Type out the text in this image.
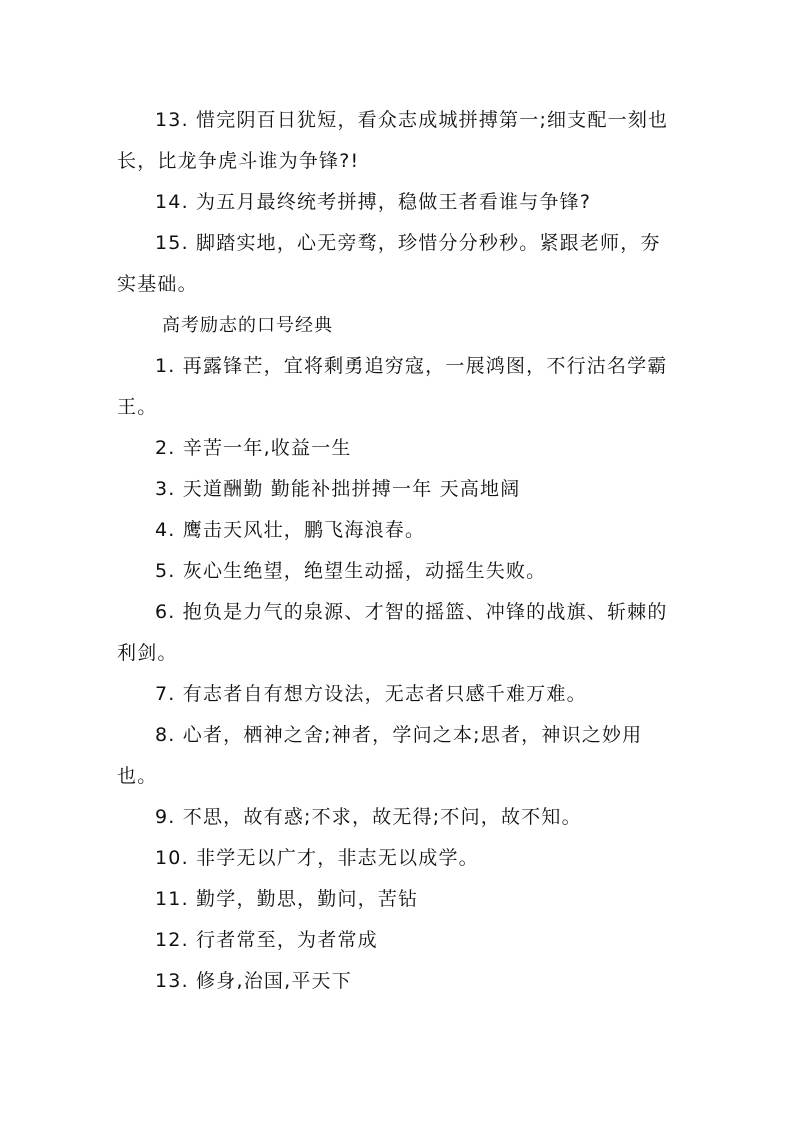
13. 惜完阴百日犹短，看众志成城拼搏第一;细支配一刻也长，比龙争虎斗谁为争锋?!

14. 为五月最终统考拼搏，稳做王者看谁与争锋?

15. 脚踏实地，心无旁骛，珍惜分分秒秒。紧跟老师，夯实基础。

高考励志的口号经典

1. 再露锋芒，宜将剩勇追穷寇，一展鸿图，不行沽名学霸王。

2. 辛苦一年,收益一生

3. 天道酬勤 勤能补拙拼搏一年 天高地阔

4. 鹰击天风壮，鹏飞海浪春。

5. 灰心生绝望，绝望生动摇，动摇生失败。

6. 抱负是力气的泉源、才智的摇篮、冲锋的战旗、斩棘的利剑。

7. 有志者自有想方设法，无志者只感千难万难。

8. 心者，栖神之舍;神者，学问之本;思者，神识之妙用也。

9. 不思，故有惑;不求，故无得;不问，故不知。

10. 非学无以广才，非志无以成学。

11. 勤学，勤思，勤问，苦钻

12. 行者常至，为者常成

13. 修身,治国,平天下
